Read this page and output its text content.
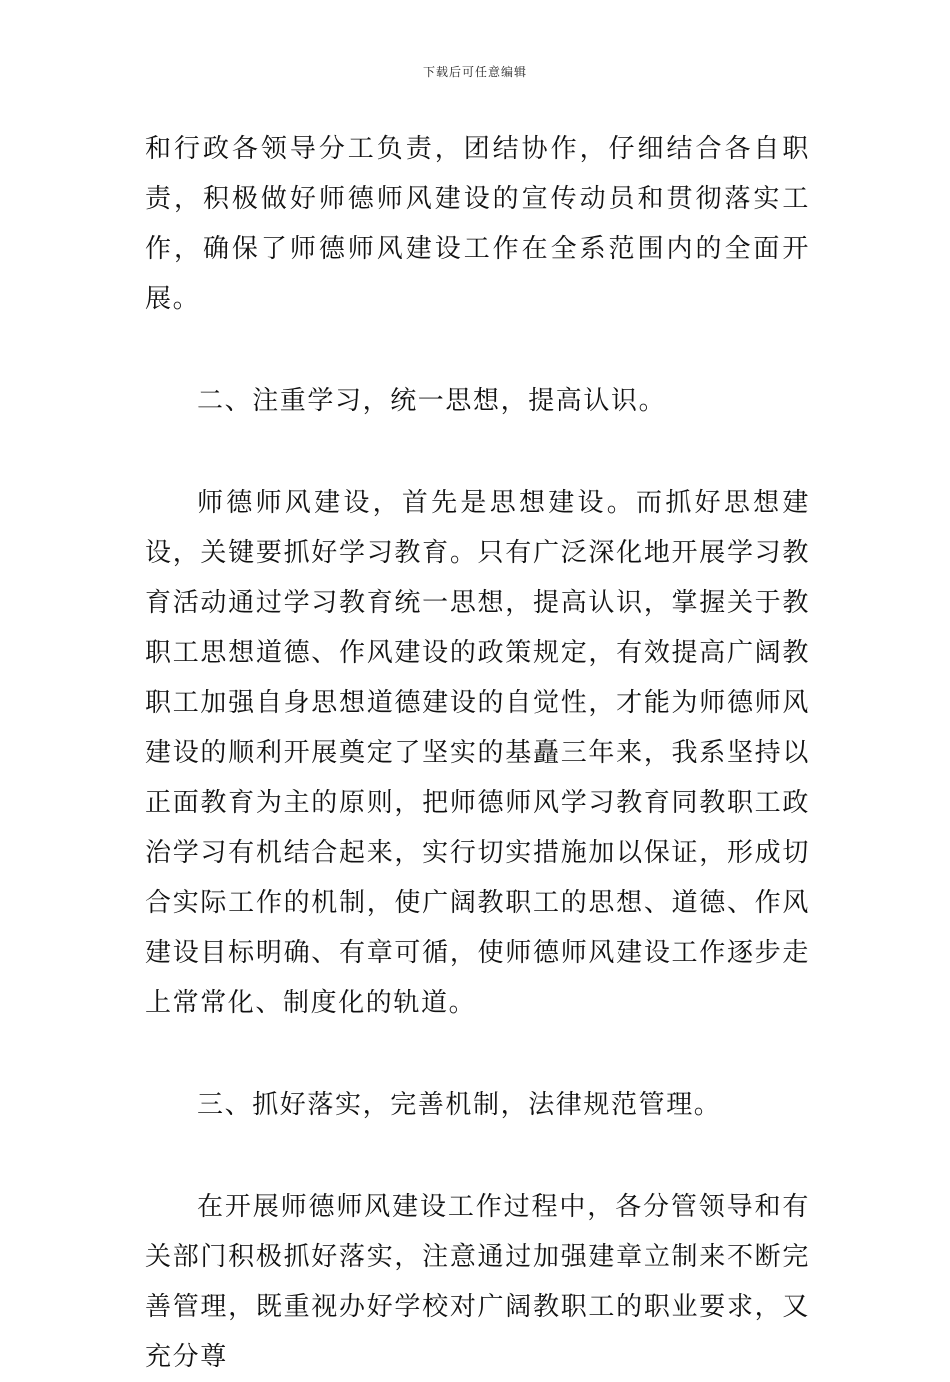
下载后可任意编辑

和行政各领导分工负责，团结协作，仔细结合各自职责，积极做好师德师风建设的宣传动员和贯彻落实工作，确保了师德师风建设工作在全系范围内的全面开展。

二、注重学习，统一思想，提高认识。

师德师风建设，首先是思想建设。而抓好思想建设，关键要抓好学习教育。只有广泛深化地开展学习教育活动通过学习教育统一思想，提高认识，掌握关于教职工思想道德、作风建设的政策规定，有效提高广阔教职工加强自身思想道德建设的自觉性，才能为师德师风建设的顺利开展奠定了坚实的基矗三年来，我系坚持以正面教育为主的原则，把师德师风学习教育同教职工政治学习有机结合起来，实行切实措施加以保证，形成切合实际工作的机制，使广阔教职工的思想、道德、作风建设目标明确、有章可循，使师德师风建设工作逐步走上常常化、制度化的轨道。

三、抓好落实，完善机制，法律规范管理。

在开展师德师风建设工作过程中，各分管领导和有关部门积极抓好落实，注意通过加强建章立制来不断完善管理，既重视办好学校对广阔教职工的职业要求，又充分尊
